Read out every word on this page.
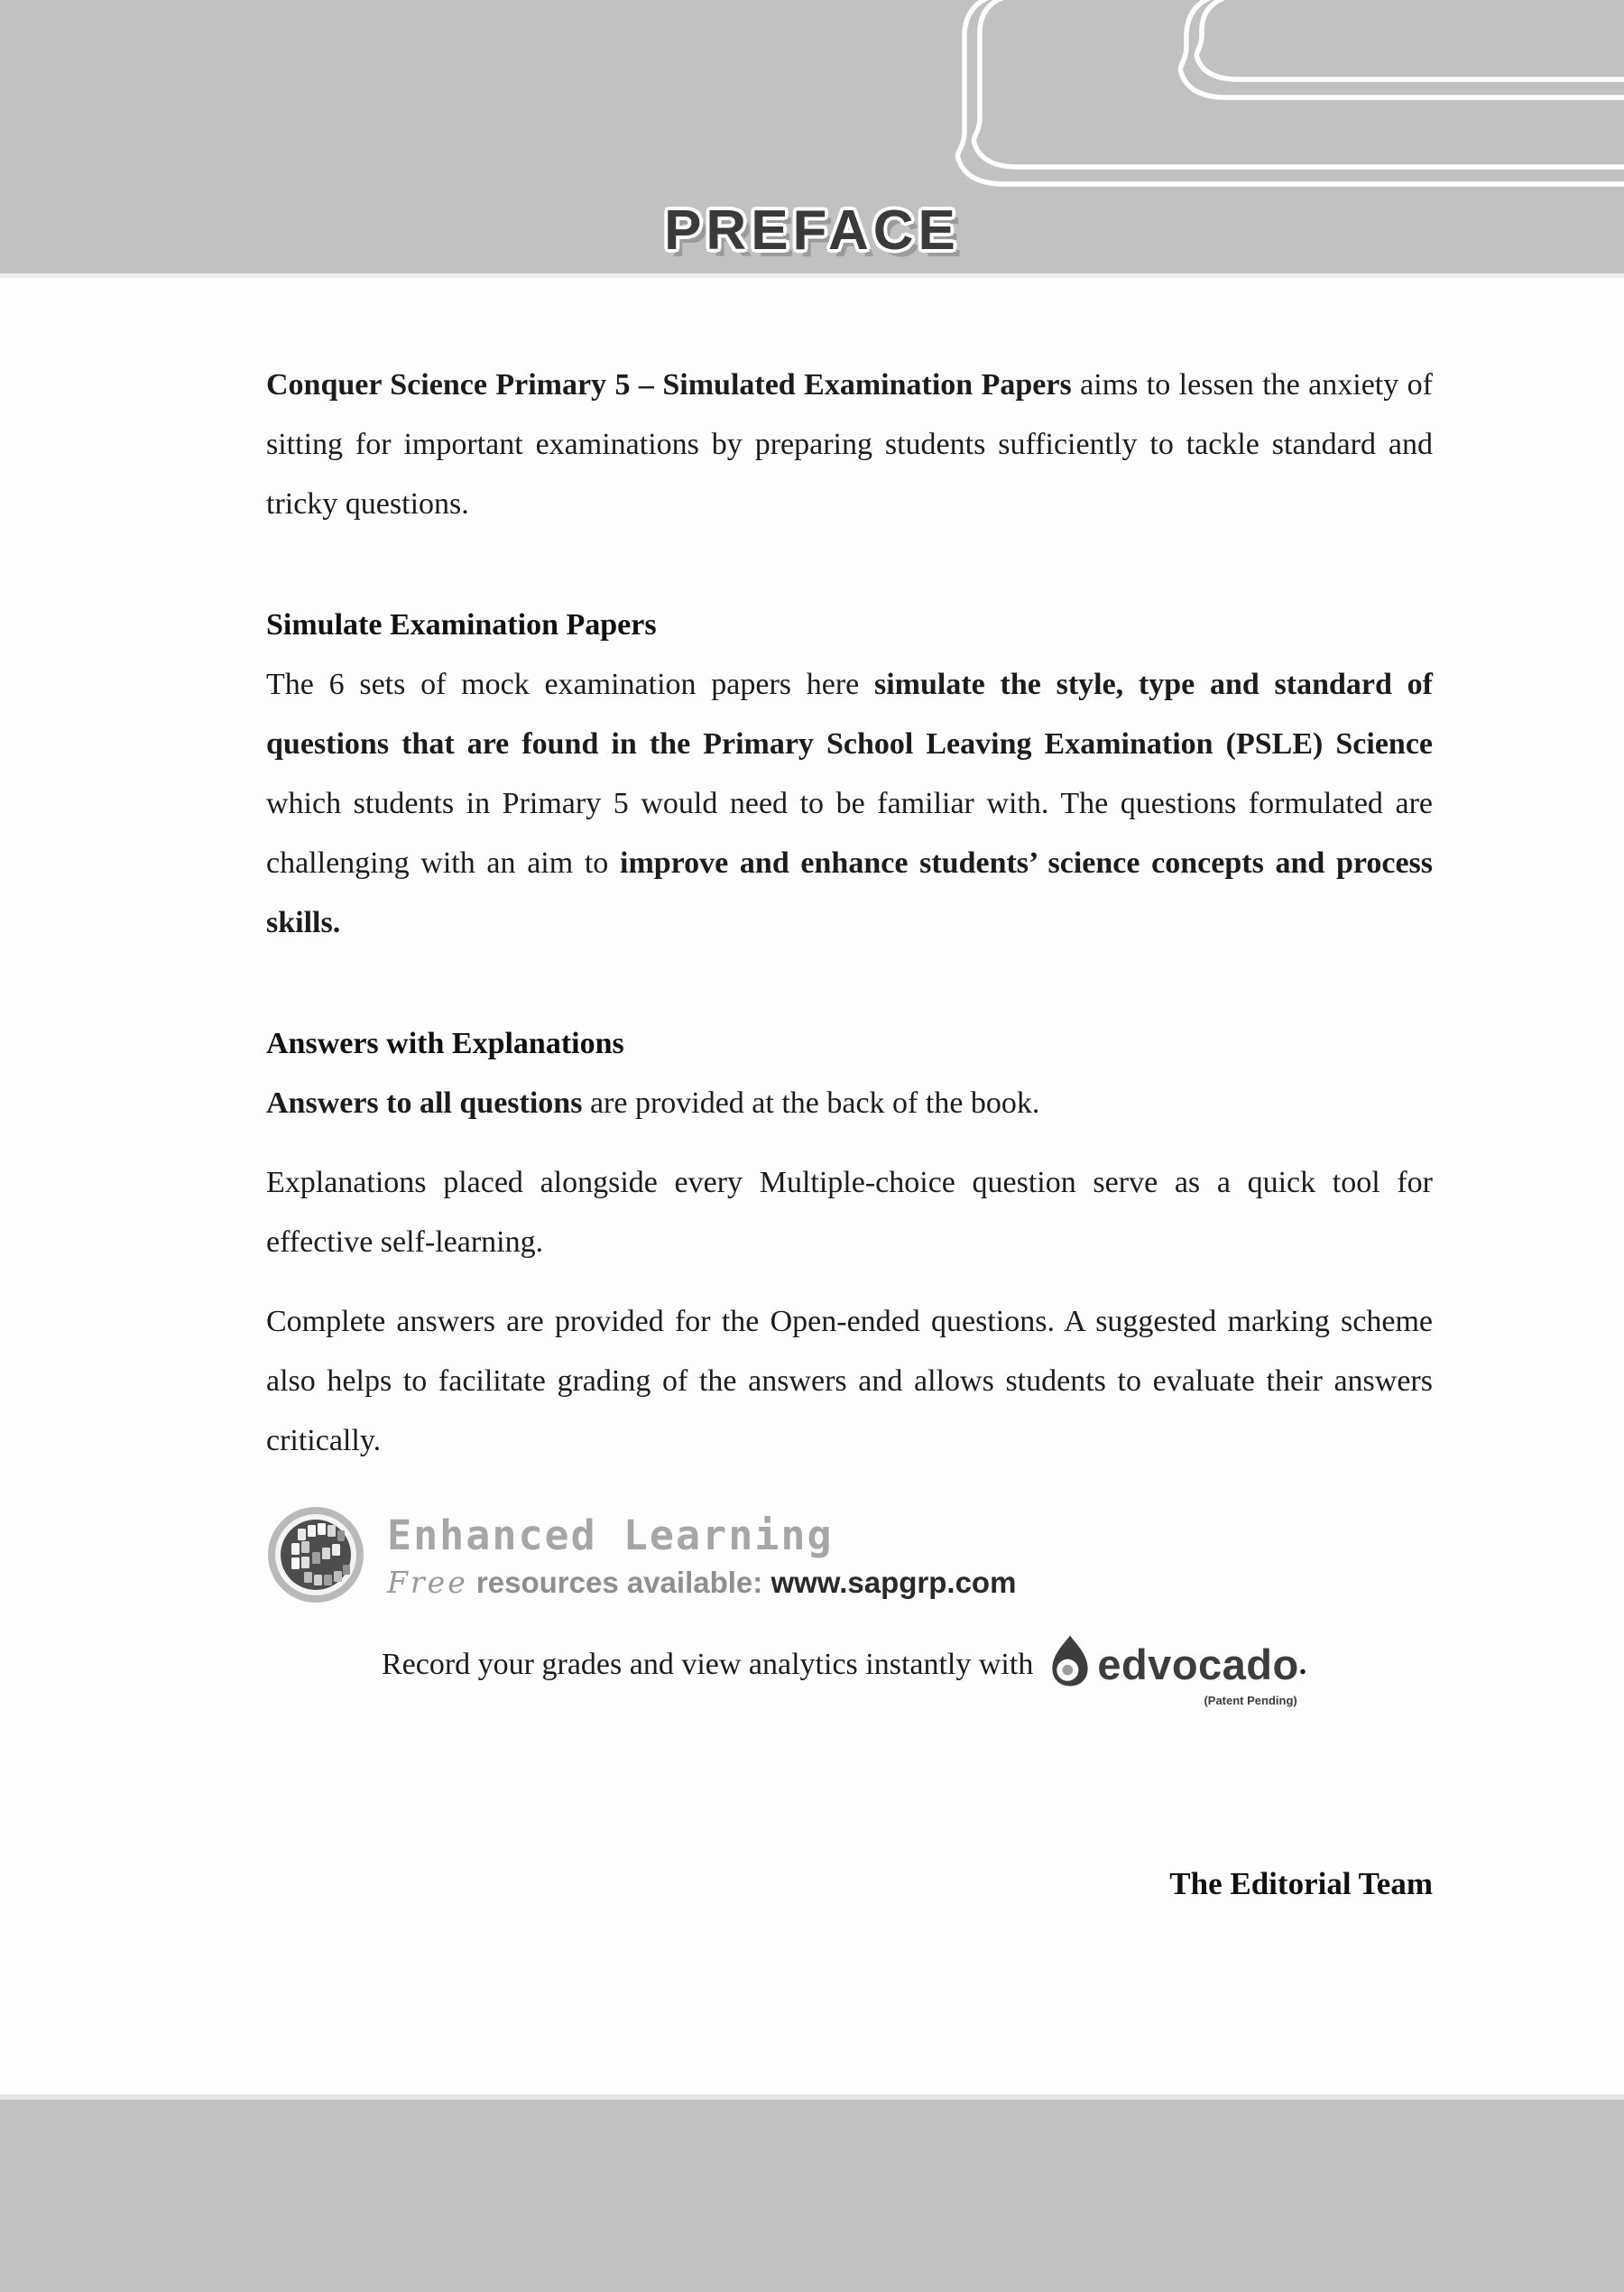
PREFACE

Conquer Science Primary 5 – Simulated Examination Papers aims to lessen the anxiety of sitting for important examinations by preparing students sufficiently to tackle standard and tricky questions.

Simulate Examination Papers

The 6 sets of mock examination papers here simulate the style, type and standard of questions that are found in the Primary School Leaving Examination (PSLE) Science which students in Primary 5 would need to be familiar with. The questions formulated are challenging with an aim to improve and enhance students’ science concepts and process skills.

Answers with Explanations

Answers to all questions are provided at the back of the book.

Explanations placed alongside every Multiple-choice question serve as a quick tool for effective self-learning.

Complete answers are provided for the Open-ended questions. A suggested marking scheme also helps to facilitate grading of the answers and allows students to evaluate their answers critically.

Enhanced Learning
Free resources available: www.sapgrp.com
Record your grades and view analytics instantly with edvocado
(Patent Pending)
.
The Editorial Team
